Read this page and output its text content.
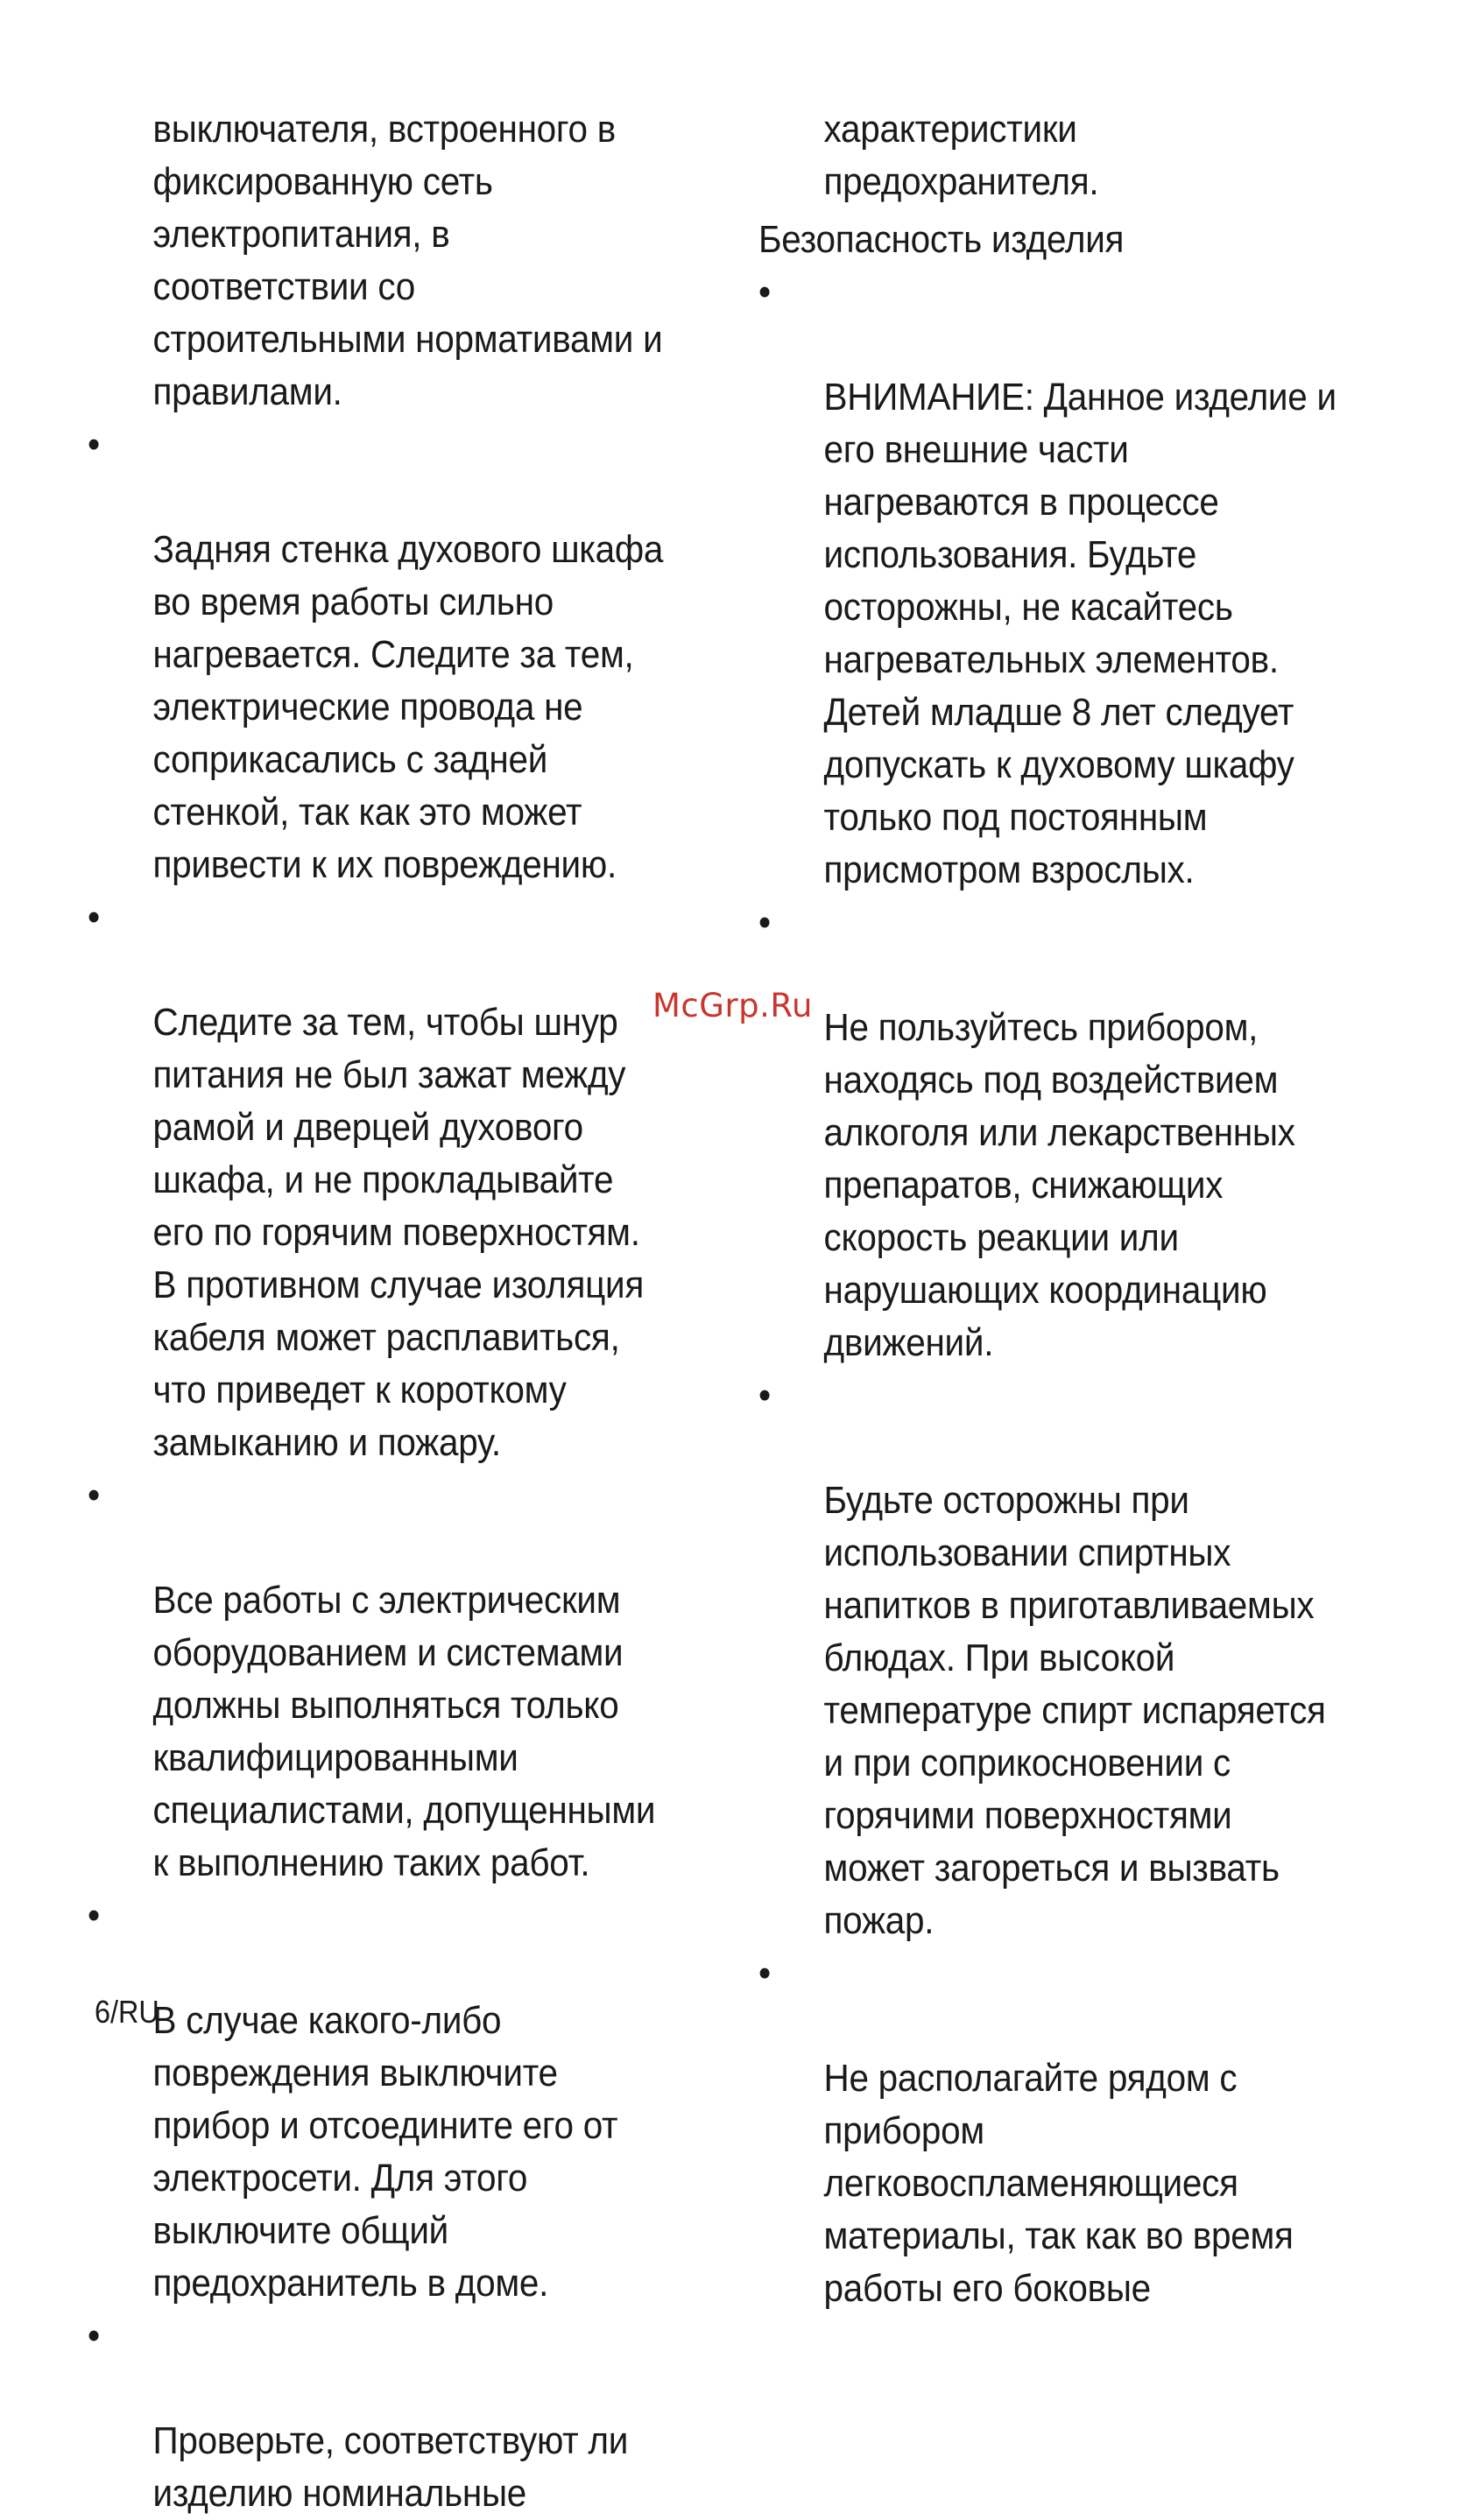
выключателя, встроенного в
фиксированную сеть
электропитания, в
соответствии со
строительными нормативами и
правилами.

•

Задняя стенка духового шкафа
во время работы сильно
нагревается. Следите за тем,
электрические провода не
соприкасались с задней
стенкой, так как это может
привести к их повреждению.

•

Следите за тем, чтобы шнур
питания не был зажат между
рамой и дверцей духового
шкафа, и не прокладывайте
его по горячим поверхностям.
В противном случае изоляция
кабеля может расплавиться,
что приведет к короткому
замыканию и пожару.

•

Все работы с электрическим
оборудованием и системами
должны выполняться только
квалифицированными
специалистами, допущенными
к выполнению таких работ.

•

В случае какого-либо
повреждения выключите
прибор и отсоедините его от
электросети. Для этого
выключите общий
предохранитель в доме.

•

Проверьте, соответствуют ли
изделию номинальные

характеристики
предохранителя.
Безопасность изделия

•

ВНИМАНИЕ: Данное изделие и
его внешние части
нагреваются в процессе
использования. Будьте
осторожны, не касайтесь
нагревательных элементов.
Детей младше 8 лет следует
допускать к духовому шкафу
только под постоянным
присмотром взрослых.

•

Не пользуйтесь прибором,
находясь под воздействием
алкоголя или лекарственных
препаратов, снижающих
скорость реакции или
нарушающих координацию
движений.

•

Будьте осторожны при
использовании спиртных
напитков в приготавливаемых
блюдах. При высокой
температуре спирт испаряется
и при соприкосновении с
горячими поверхностями
может загореться и вызвать
пожар.

•

Не располагайте рядом с
прибором
легковоспламеняющиеся
материалы, так как во время
работы его боковые

McGrp.Ru
6/RU
